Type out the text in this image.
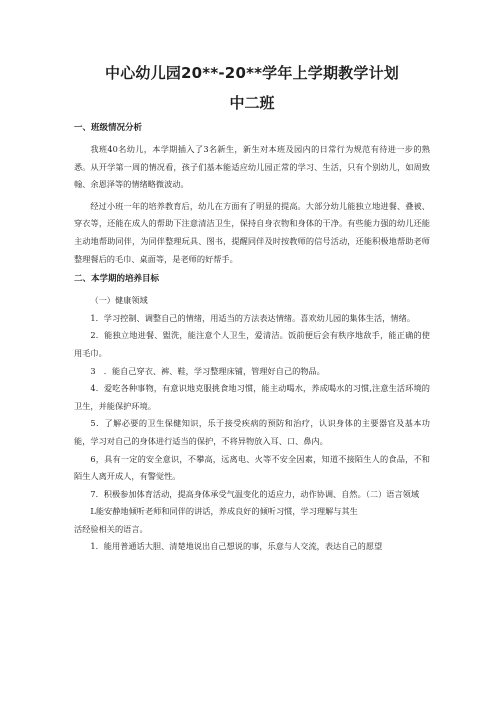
中心幼儿园20**-20**学年上学期教学计划
中二班
一、班级情况分析

我班40名幼儿，本学期插入了3名新生，新生对本班及园内的日常行为规范有待进一步的熟悉。从开学第一周的情况看，孩子们基本能适应幼儿园正常的学习、生活，只有个别幼儿，如周致翰、余恩泽等的情绪略微波动。

经过小班一年的培养教育后，幼儿在方面有了明显的提高。大部分幼儿能独立地进餐、叠被、穿衣等，还能在成人的帮助下注意清洁卫生，保持自身衣物和身体的干净。有些能力强的幼儿还能主动地帮助同伴，为同伴整理玩具、图书，提醒同伴及时按教师的信号活动，还能积极地帮助老师整理餐后的毛巾、桌面等，是老师的好帮手。

二、本学期的培养目标

（一）健康领域

1．学习控制、调整自己的情绪，用适当的方法表达情绪。喜欢幼儿园的集体生活，情绪。

2．能独立地进餐、盥洗，能注意个人卫生，爱清洁。饭前便后会有秩序地敌手，能正确的使用毛巾。

3　．能自己穿衣、裤、鞋，学习整理床铺，管理好自己的物品。

4．爱吃各种事物，有意识地克服挑食地习惯，能主动喝水，养成喝水的习惯,注意生活环境的卫生，并能保护环境。

5．了解必要的卫生保健知识，乐于接受疾病的预防和治疗，认识身体的主要器官及基本功能，学习对自己的身体进行适当的保护，不将异物放入耳、口、鼻内。

6，具有一定的安全意识，不攀高，远离电、火等不安全因素，知道不接陌生人的食品，不和陌生人离开成人，有警觉性。

7．积极参加体育活动，提高身体承受气温变化的适应力，动作协调、自然。（二）语言领域

L能安静地倾听老师和同伴的讲话，养成良好的倾听习惯，学习理解与其生

活经验相关的语言。

1．能用普通话大胆、清楚地说出自己想说的事，乐意与人交流，表达自己的愿望
